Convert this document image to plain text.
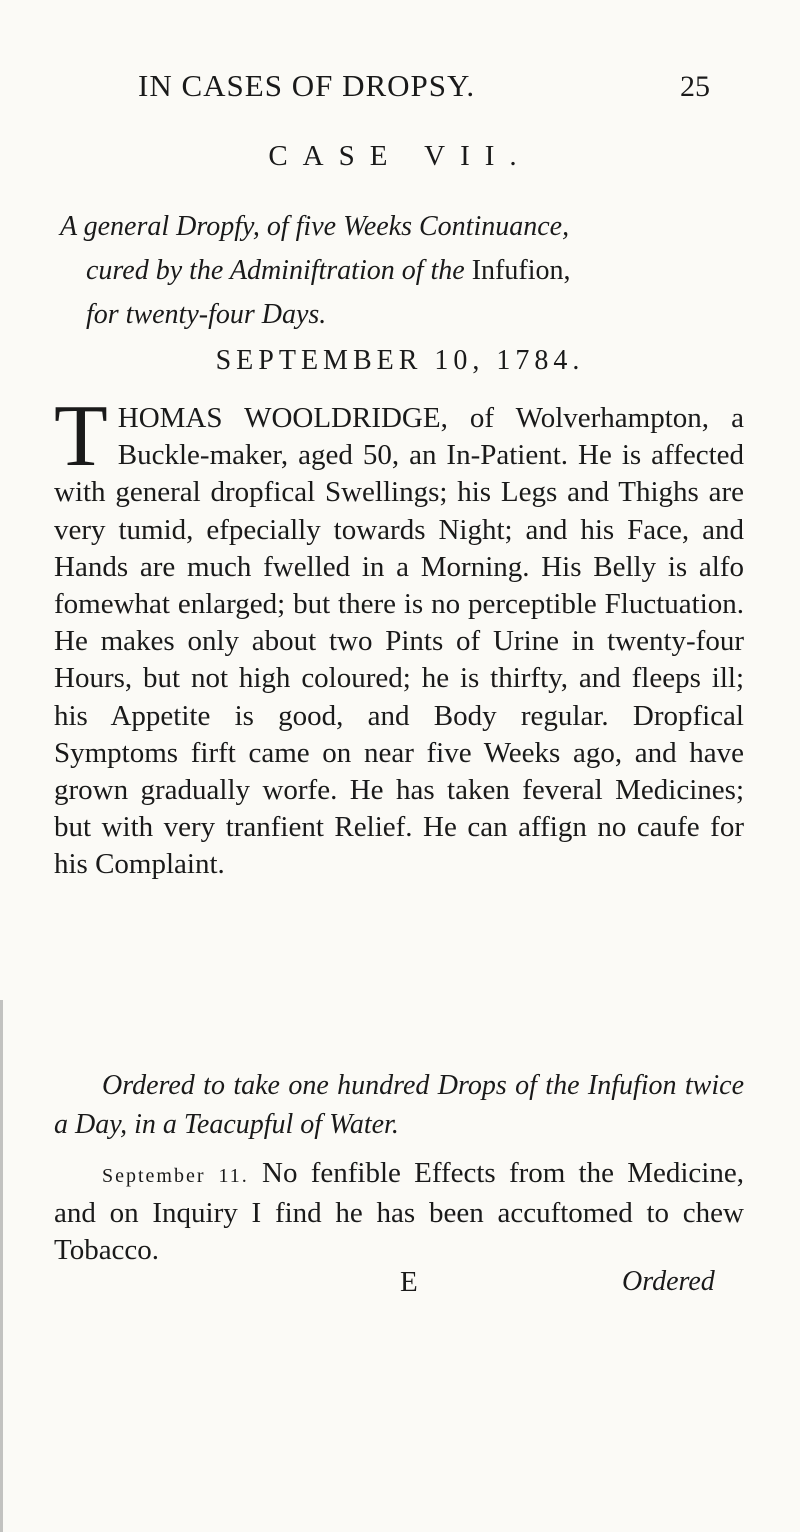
IN CASES OF DROPSY.	25
CASE VII.
A general Dropfy, of five Weeks Continuance,
cured by the Adminiftration of the Infufion,
for twenty-four Days.
SEPTEMBER 10, 1784.
THOMAS WOOLDRIDGE, of Wolverhampton, a Buckle-maker, aged 50, an In-Patient. He is affected with general dropfical Swellings; his Legs and Thighs are very tumid, efpecially towards Night; and his Face, and Hands are much fwelled in a Morning. His Belly is alfo fomewhat enlarged; but there is no perceptible Fluctuation. He makes only about two Pints of Urine in twenty-four Hours, but not high coloured; he is thirfty, and fleeps ill; his Appetite is good, and Body regular. Dropfical Symptoms firft came on near five Weeks ago, and have grown gradually worfe. He has taken feveral Medicines; but with very tranfient Relief. He can affign no caufe for his Complaint.
Ordered to take one hundred Drops of the Infufion twice a Day, in a Teacupful of Water.
September 11. No fenfible Effects from the Medicine, and on Inquiry I find he has been accuftomed to chew Tobacco.
E	Ordered
